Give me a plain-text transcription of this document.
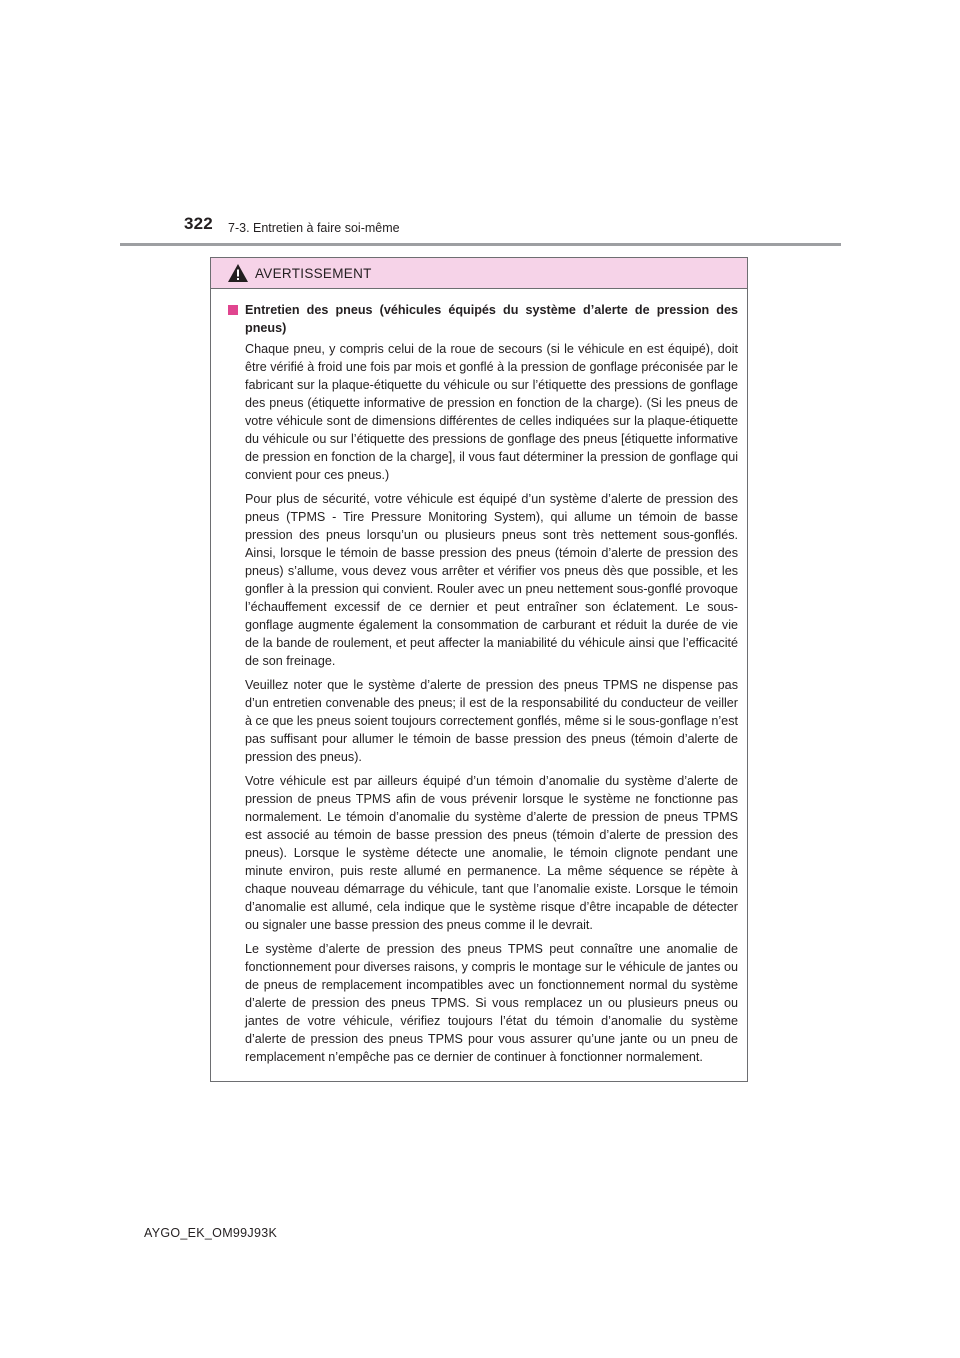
322 7-3. Entretien à faire soi-même
AVERTISSEMENT
Entretien des pneus (véhicules équipés du système d’alerte de pression des pneus)

Chaque pneu, y compris celui de la roue de secours (si le véhicule en est équipé), doit être vérifié à froid une fois par mois et gonflé à la pression de gonflage préconisée par le fabricant sur la plaque-étiquette du véhicule ou sur l’étiquette des pressions de gonflage des pneus (étiquette informative de pression en fonction de la charge). (Si les pneus de votre véhicule sont de dimensions différentes de celles indiquées sur la plaque-étiquette du véhicule ou sur l’étiquette des pressions de gonflage des pneus [étiquette informative de pression en fonction de la charge], il vous faut déterminer la pression de gonflage qui convient pour ces pneus.)

Pour plus de sécurité, votre véhicule est équipé d’un système d’alerte de pression des pneus (TPMS - Tire Pressure Monitoring System), qui allume un témoin de basse pression des pneus lorsqu’un ou plusieurs pneus sont très nettement sous-gonflés. Ainsi, lorsque le témoin de basse pression des pneus (témoin d’alerte de pression des pneus) s’allume, vous devez vous arrêter et vérifier vos pneus dès que possible, et les gonfler à la pression qui convient. Rouler avec un pneu nettement sous-gonflé provoque l’échauffement excessif de ce dernier et peut entraîner son éclatement. Le sous-gonflage augmente également la consommation de carburant et réduit la durée de vie de la bande de roulement, et peut affecter la maniabilité du véhicule ainsi que l’efficacité de son freinage.

Veuillez noter que le système d’alerte de pression des pneus TPMS ne dispense pas d’un entretien convenable des pneus; il est de la responsabilité du conducteur de veiller à ce que les pneus soient toujours correctement gonflés, même si le sous-gonflage n’est pas suffisant pour allumer le témoin de basse pression des pneus (témoin d’alerte de pression des pneus).

Votre véhicule est par ailleurs équipé d’un témoin d’anomalie du système d’alerte de pression de pneus TPMS afin de vous prévenir lorsque le système ne fonctionne pas normalement. Le témoin d’anomalie du système d’alerte de pression de pneus TPMS est associé au témoin de basse pression des pneus (témoin d’alerte de pression des pneus). Lorsque le système détecte une anomalie, le témoin clignote pendant une minute environ, puis reste allumé en permanence. La même séquence se répète à chaque nouveau démarrage du véhicule, tant que l’anomalie existe. Lorsque le témoin d’anomalie est allumé, cela indique que le système risque d’être incapable de détecter ou signaler une basse pression des pneus comme il le devrait.

Le système d’alerte de pression des pneus TPMS peut connaître une anomalie de fonctionnement pour diverses raisons, y compris le montage sur le véhicule de jantes ou de pneus de remplacement incompatibles avec un fonctionnement normal du système d’alerte de pression des pneus TPMS. Si vous remplacez un ou plusieurs pneus ou jantes de votre véhicule, vérifiez toujours l’état du témoin d’anomalie du système d’alerte de pression des pneus TPMS pour vous assurer qu’une jante ou un pneu de remplacement n’empêche pas ce dernier de continuer à fonctionner normalement.

AYGO_EK_OM99J93K
